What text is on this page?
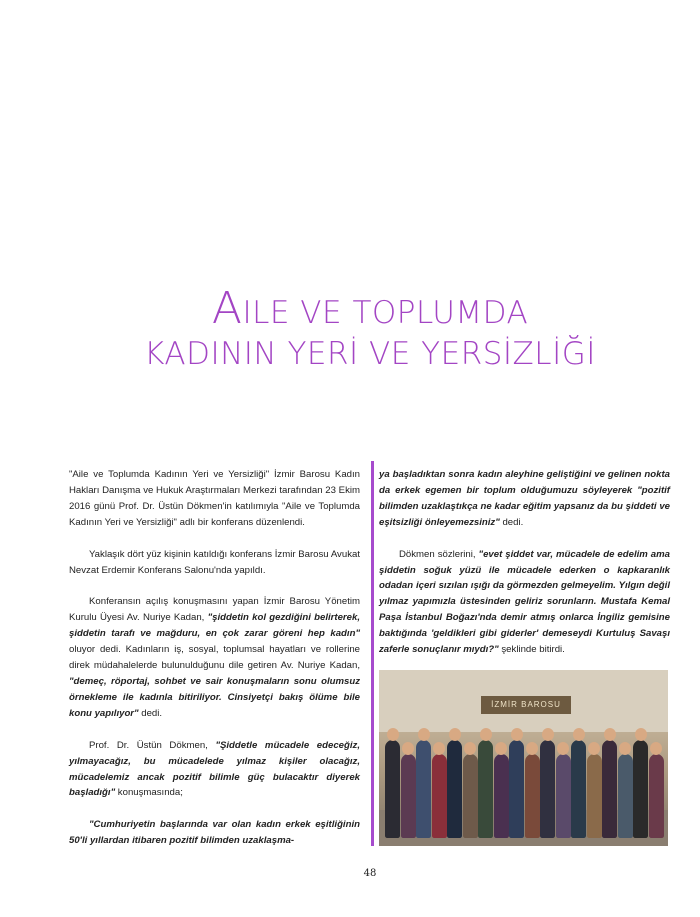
AILE VE TOPLUMDA
KADININ YERİ VE YERSİZLİĞİ

"Aile ve Toplumda Kadının Yeri ve Yersizliği" İzmir Barosu Kadın Hakları Danışma ve Hukuk Araştırmaları Merkezi tarafından 23 Ekim 2016 günü Prof. Dr. Üstün Dökmen'in katılımıyla "Aile ve Toplumda Kadının Yeri ve Yersizliği" adlı bir konferans düzenlendi.

Yaklaşık dört yüz kişinin katıldığı konferans İzmir Barosu Avukat Nevzat Erdemir Konferans Salonu'nda yapıldı.

Konferansın açılış konuşmasını yapan İzmir Barosu Yönetim Kurulu Üyesi Av. Nuriye Kadan, "şiddetin kol gezdiğini belirterek, şiddetin tarafı ve mağduru, en çok zarar göreni hep kadın" oluyor dedi. Kadınların iş, sosyal, toplumsal hayatları ve rollerine direk müdahalelerde bulunulduğunu dile getiren Av. Nuriye Kadan, "demeç, röportaj, sohbet ve sair konuşmaların sonu olumsuz örnekleme ile kadınla bitiriliyor. Cinsiyetçi bakış ölüme bile konu yapılıyor" dedi.

Prof. Dr. Üstün Dökmen, "Şiddetle mücadele edeceğiz, yılmayacağız, bu mücadelede yılmaz kişiler olacağız, mücadelemiz ancak pozitif bilimle güç bulacaktır diyerek başladığı" konuşmasında;

"Cumhuriyetin başlarında var olan kadın erkek eşitliğinin 50'li yıllardan itibaren pozitif bilimden uzaklaşma-

ya başladıktan sonra kadın aleyhine geliştiğini ve gelinen nokta da erkek egemen bir toplum olduğumuzu söyleyerek "pozitif bilimden uzaklaştıkça ne kadar eğitim yapsanız da bu şiddeti ve eşitsizliği önleyemezsiniz" dedi.

Dökmen sözlerini, "evet şiddet var, mücadele de edelim ama şiddetin soğuk yüzü ile mücadele ederken o kapkaranlık odadan içeri sızılan ışığı da görmezden gelmeyelim. Yılgın değil yılmaz yapımızla üstesinden geliriz sorunların. Mustafa Kemal Paşa İstanbul Boğazı'nda demir atmış onlarca İngiliz gemisine baktığında 'geldikleri gibi giderler' demeseydi Kurtuluş Savaşı zaferle sonuçlanır mıydı?" şeklinde bitirdi.

İZMİR BAROSU
48
